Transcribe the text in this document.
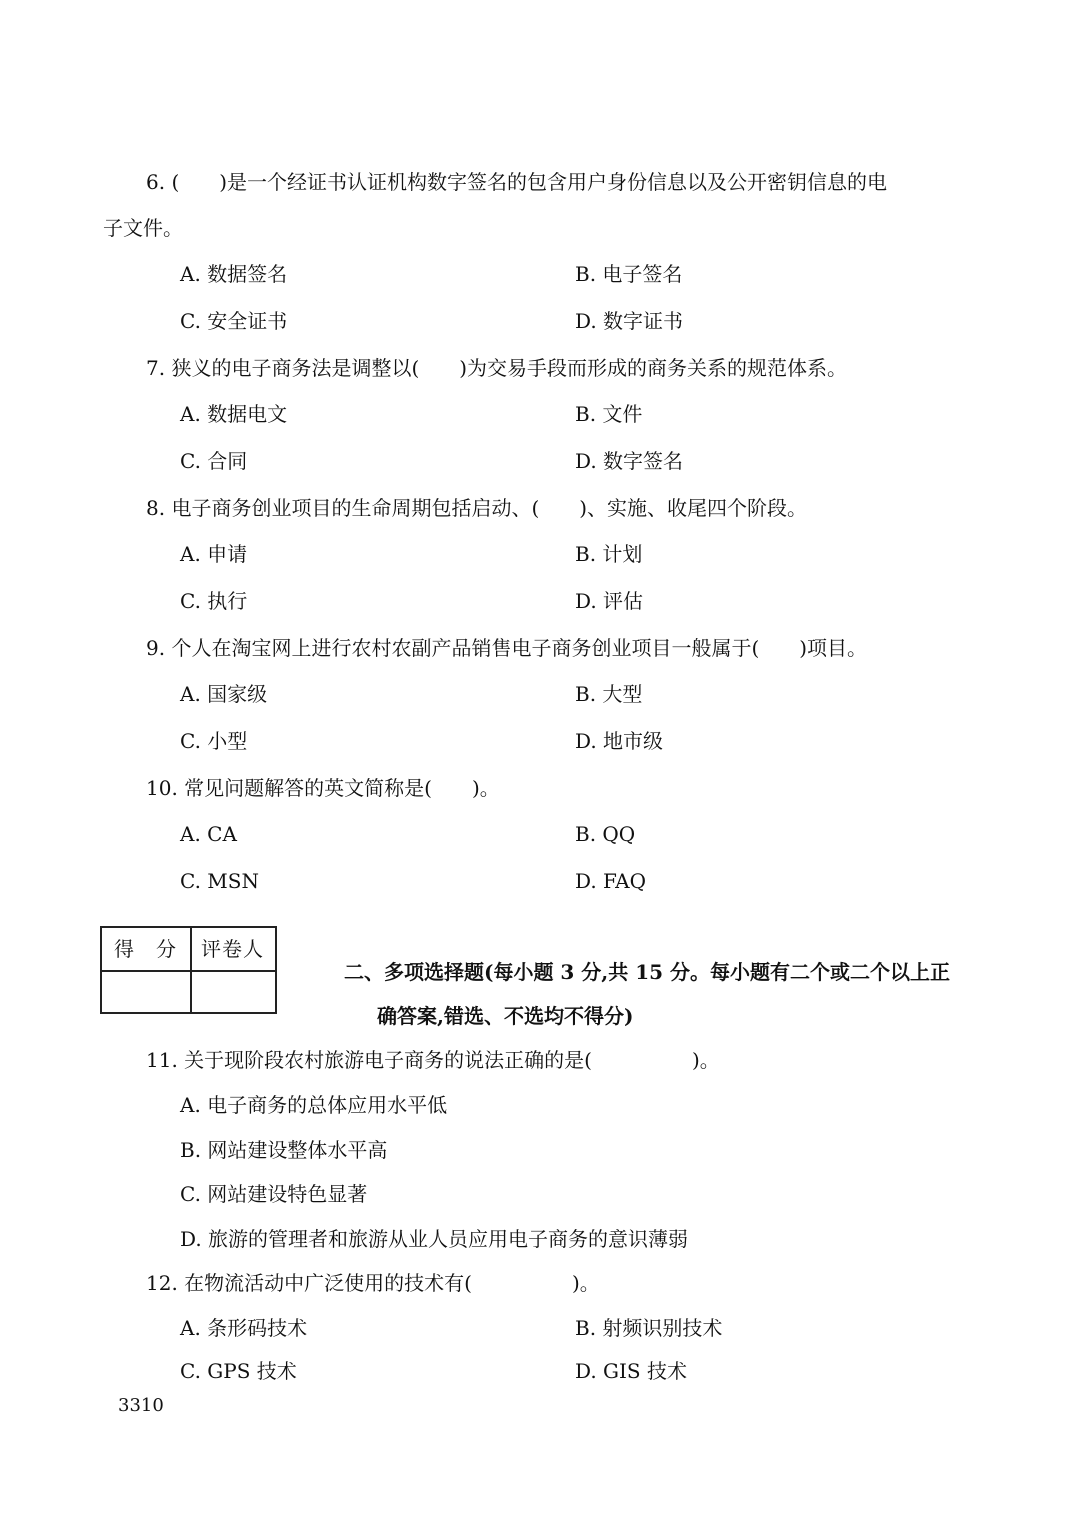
6. (　　)是一个经证书认证机构数字签名的包含用户身份信息以及公开密钥信息的电
子文件。
A. 数据签名	B. 电子签名
C. 安全证书	D. 数字证书
7. 狭义的电子商务法是调整以(　　)为交易手段而形成的商务关系的规范体系。
A. 数据电文	B. 文件
C. 合同	D. 数字签名
8. 电子商务创业项目的生命周期包括启动、(　　)、实施、收尾四个阶段。
A. 申请	B. 计划
C. 执行	D. 评估
9. 个人在淘宝网上进行农村农副产品销售电子商务创业项目一般属于(　　)项目。
A. 国家级	B. 大型
C. 小型	D. 地市级
10. 常见问题解答的英文简称是(　　)。
A. CA	B. QQ
C. MSN	D. FAQ
得　分 评卷人
二、多项选择题(每小题 3 分,共 15 分。每小题有二个或二个以上正
确答案,错选、不选均不得分)
11. 关于现阶段农村旅游电子商务的说法正确的是(　　　　　)。
A. 电子商务的总体应用水平低
B. 网站建设整体水平高
C. 网站建设特色显著
D. 旅游的管理者和旅游从业人员应用电子商务的意识薄弱
12. 在物流活动中广泛使用的技术有(　　　　　)。
A. 条形码技术	B. 射频识别技术
C. GPS 技术	D. GIS 技术
3310
